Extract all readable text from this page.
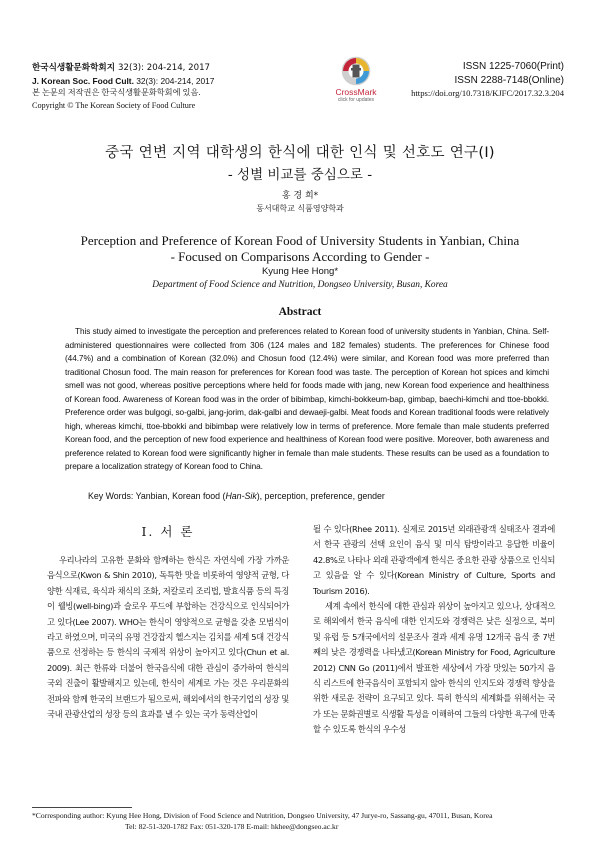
한국식생활문화학회지 32(3): 204-214, 2017
J. Korean Soc. Food Cult. 32(3): 204-214, 2017
본 논문의 저작권은 한국식생활문화학회에 있음.
Copyright © The Korean Society of Food Culture
CrossMark
click for updates
ISSN 1225-7060(Print)
ISSN 2288-7148(Online)
https://doi.org/10.7318/KJFC/2017.32.3.204
중국 연변 지역 대학생의 한식에 대한 인식 및 선호도 연구(I)
- 성별 비교를 중심으로 -
홍 경 희*
동서대학교 식품영양학과
Perception and Preference of Korean Food of University Students in Yanbian, China
- Focused on Comparisons According to Gender -
Kyung Hee Hong*
Department of Food Science and Nutrition, Dongseo University, Busan, Korea
Abstract
This study aimed to investigate the perception and preferences related to Korean food of university students in Yanbian, China. Self-administered questionnaires were collected from 306 (124 males and 182 females) students. The preferences for Chinese food (44.7%) and a combination of Korean (32.0%) and Chosun food (12.4%) were similar, and Korean food was more preferred than traditional Chosun food. The main reason for preferences for Korean food was taste. The perception of Korean hot spices and kimchi smell was not good, whereas positive perceptions where held for foods made with jang, new Korean food experience and healthiness of Korean food. Awareness of Korean food was in the order of bibimbap, kimchi-bokkeum-bap, gimbap, baechi-kimchi and ttoe-bbokki. Preference order was bulgogi, so-galbi, jang-jorim, dak-galbi and dewaeji-galbi. Meat foods and Korean traditional foods were relatively high, whereas kimchi, ttoe-bbokki and bibimbap were relatively low in terms of preference. More female than male students preferred Korean food, and the perception of new food experience and healthiness of Korean food were positive. Moreover, both awareness and preference related to Korean food were significantly higher in female than male students. These results can be used as a foundation to prepare a localization strategy of Korean food to China.
Key Words: Yanbian, Korean food (Han-Sik), perception, preference, gender
I. 서 론

우리나라의 고유한 문화와 함께하는 한식은 자연식에 가장 가까운 음식으로(Kwon & Shin 2010), 독특한 맛을 비롯하여 영양적 균형, 다양한 식재료, 육식과 채식의 조화, 저칼로리 조리법, 발효식품 등의 특징이 웰빙(well-bing)과 슬로우 푸드에 부합하는 건강식으로 인식되어가고 있다(Lee 2007). WHO는 한식이 영양적으로 균형을 갖춘 모범식이라고 하였으며, 미국의 유명 건강잡지 헬스지는 김치를 세계 5대 건강식품으로 선정하는 등 한식의 국제적 위상이 높아지고 있다(Chun et al. 2009). 최근 한류와 더불어 한국음식에 대한 관심이 증가하여 한식의 국외 진출이 활발해지고 있는데, 한식이 세계로 가는 것은 우리문화의 전파와 함께 한국의 브랜드가 됨으로써, 해외에서의 한국기업의 성장 및 국내 관광산업의 성장 등의 효과를 낼 수 있는 국가 동력산업이

될 수 있다(Rhee 2011). 실제로 2015년 외래관광객 실태조사 결과에서 한국 관광의 선택 요인이 음식 및 미식 탐방이라고 응답한 비율이 42.8%로 나타나 외래 관광객에게 한식은 중요한 관광 상품으로 인식되고 있음을 알 수 있다(Korean Ministry of Culture, Sports and Tourism 2016).

세계 속에서 한식에 대한 관심과 위상이 높아지고 있으나, 상대적으로 해외에서 한국 음식에 대한 인지도와 경쟁력은 낮은 실정으로, 북미 및 유럽 등 5개국에서의 설문조사 결과 세계 유명 12개국 음식 중 7번째의 낮은 경쟁력을 나타냈고(Korean Ministry for Food, Agriculture 2012) CNN Go (2011)에서 발표한 세상에서 가장 맛있는 50가지 음식 리스트에 한국음식이 포함되지 않아 한식의 인지도와 경쟁력 향상을 위한 새로운 전략이 요구되고 있다. 특히 한식의 세계화를 위해서는 국가 또는 문화권별로 식생활 특성을 이해하여 그들의 다양한 욕구에 만족할 수 있도록 한식의 우수성

*Corresponding author: Kyung Hee Hong, Division of Food Science and Nutrition, Dongseo University, 47 Jurye-ro, Sassang-gu, 47011, Busan, Korea
Tel: 82-51-320-1782 Fax: 051-320-178 E-mail: hkhee@dongseo.ac.kr
